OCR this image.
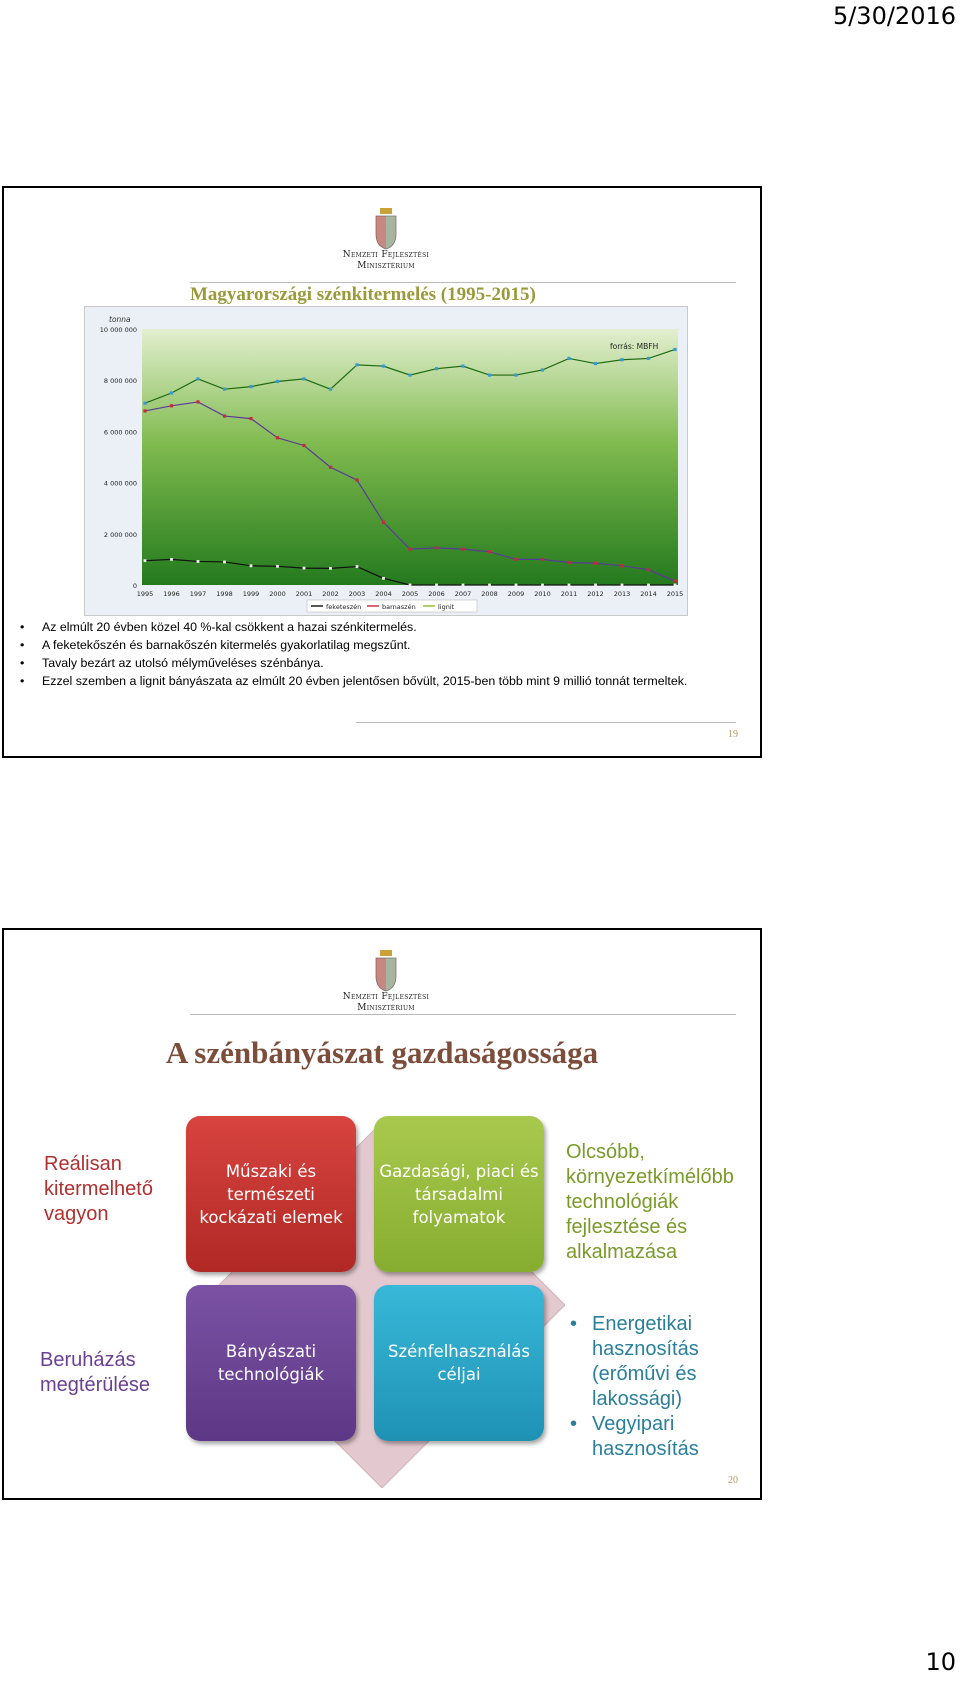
5/30/2016
Nemzeti Fejlesztési
Minisztérium
Magyarországi szénkitermelés (1995-2015)
tonna
forrás: MBFH
0
2 000 000
4 000 000
6 000 000
8 000 000
10 000 000
1995 1996 1997 1998 1999 2000 2001 2002 2003 2004 2005 2006 2007 2008 2009 2010 2011 2012 2013 2014 2015
feketeszén	barnaszén	lignit
• Az elmúlt 20 évben közel 40 %-kal csökkent a hazai szénkitermelés.
• A feketekőszén és barnakőszén kitermelés gyakorlatilag megszűnt.
• Tavaly bezárt az utolsó mélyműveléses szénbánya.
• Ezzel szemben a lignit bányászata az elmúlt 20 évben jelentősen bővült, 2015-ben több mint 9 millió tonnát termeltek.
19
Nemzeti Fejlesztési
Minisztérium
A szénbányászat gazdaságossága
Műszaki és természeti kockázati elemek
Gazdasági, piaci és társadalmi folyamatok
Bányászati technológiák
Szénfelhasználás céljai
Reálisan kitermelhető vagyon
Beruházás megtérülése
Olcsóbb, környezetkímélőbb technológiák fejlesztése és alkalmazása
• Energetikai hasznosítás (erőművi és lakossági)
• Vegyipari hasznosítás
20
10
